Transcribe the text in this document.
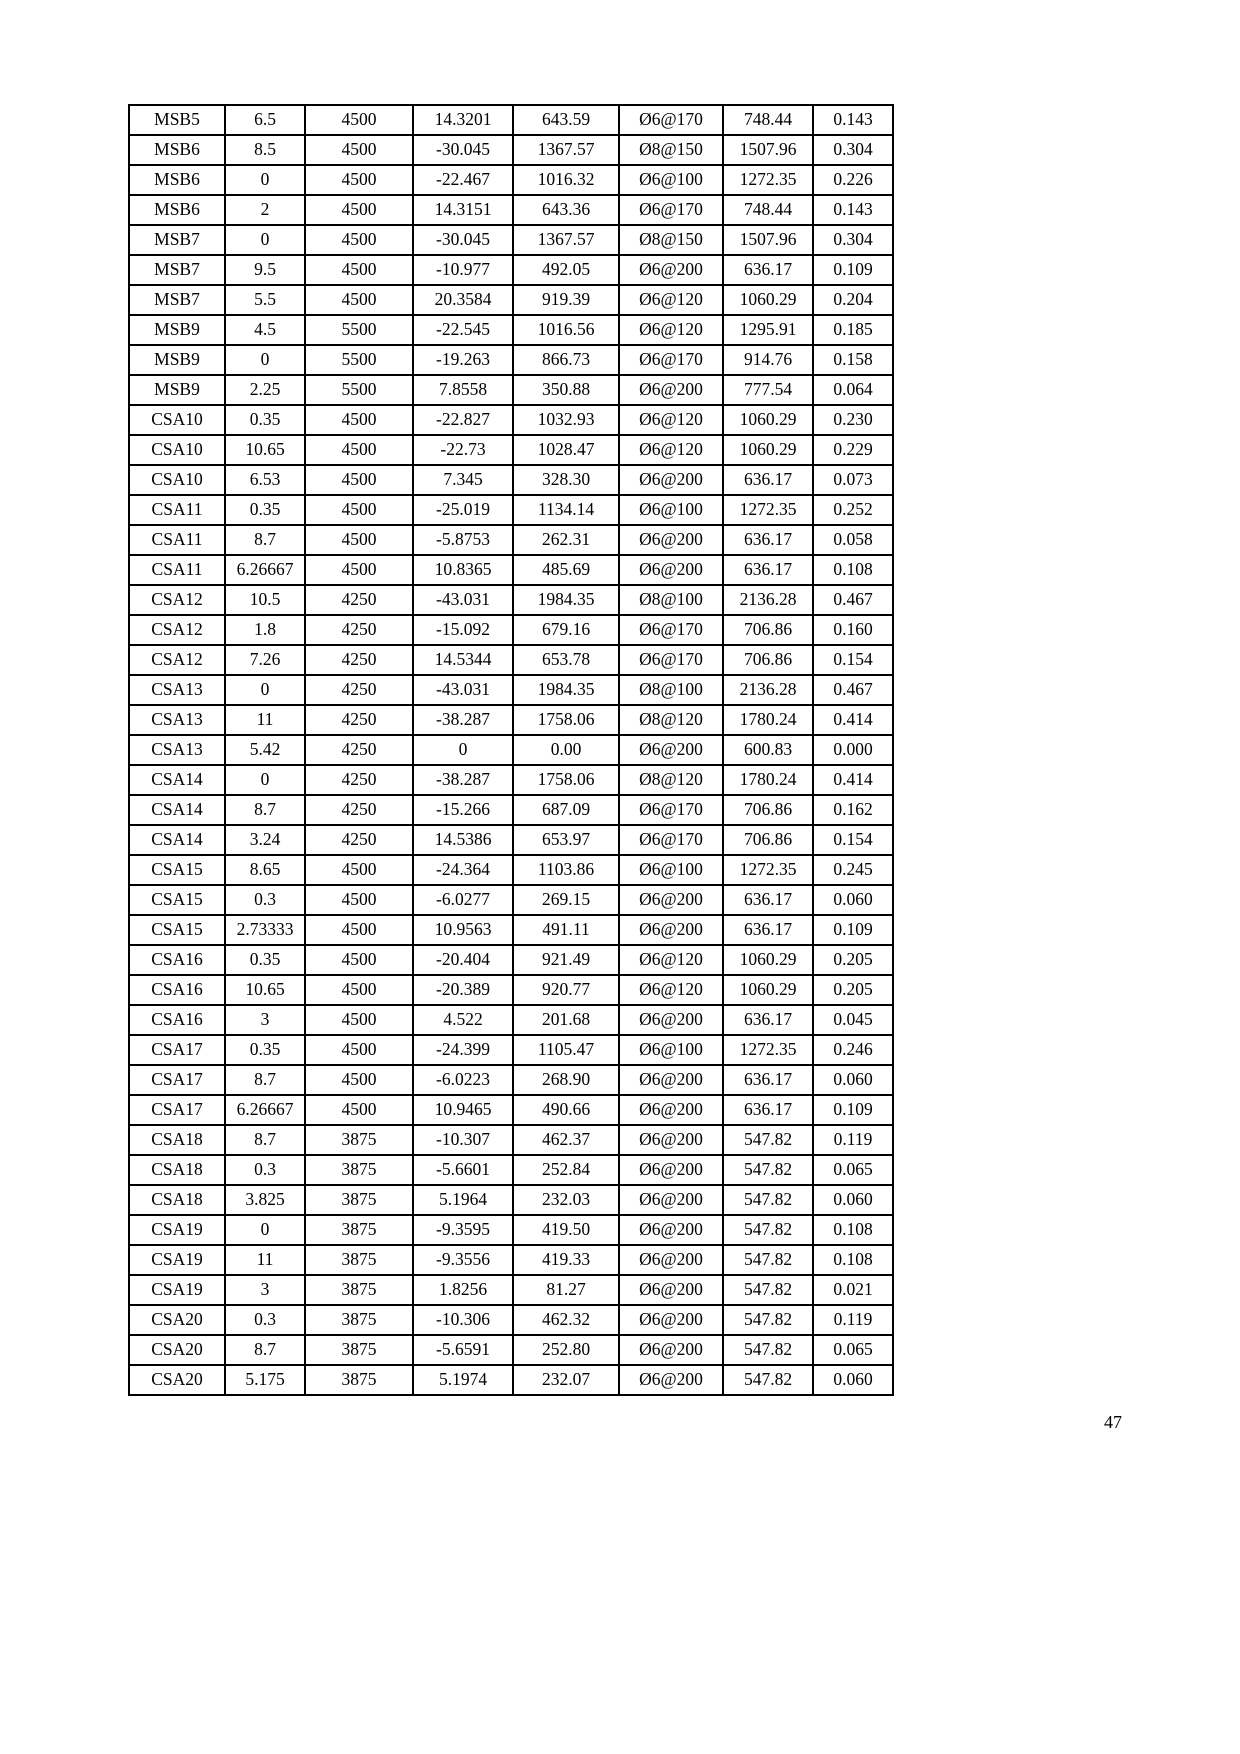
MSB5	6.5	4500	14.3201	643.59	Ø6@170	748.44	0.143
MSB6	8.5	4500	-30.045	1367.57	Ø8@150	1507.96	0.304
MSB6	0	4500	-22.467	1016.32	Ø6@100	1272.35	0.226
MSB6	2	4500	14.3151	643.36	Ø6@170	748.44	0.143
MSB7	0	4500	-30.045	1367.57	Ø8@150	1507.96	0.304
MSB7	9.5	4500	-10.977	492.05	Ø6@200	636.17	0.109
MSB7	5.5	4500	20.3584	919.39	Ø6@120	1060.29	0.204
MSB9	4.5	5500	-22.545	1016.56	Ø6@120	1295.91	0.185
MSB9	0	5500	-19.263	866.73	Ø6@170	914.76	0.158
MSB9	2.25	5500	7.8558	350.88	Ø6@200	777.54	0.064
CSA10	0.35	4500	-22.827	1032.93	Ø6@120	1060.29	0.230
CSA10	10.65	4500	-22.73	1028.47	Ø6@120	1060.29	0.229
CSA10	6.53	4500	7.345	328.30	Ø6@200	636.17	0.073
CSA11	0.35	4500	-25.019	1134.14	Ø6@100	1272.35	0.252
CSA11	8.7	4500	-5.8753	262.31	Ø6@200	636.17	0.058
CSA11	6.26667	4500	10.8365	485.69	Ø6@200	636.17	0.108
CSA12	10.5	4250	-43.031	1984.35	Ø8@100	2136.28	0.467
CSA12	1.8	4250	-15.092	679.16	Ø6@170	706.86	0.160
CSA12	7.26	4250	14.5344	653.78	Ø6@170	706.86	0.154
CSA13	0	4250	-43.031	1984.35	Ø8@100	2136.28	0.467
CSA13	11	4250	-38.287	1758.06	Ø8@120	1780.24	0.414
CSA13	5.42	4250	0	0.00	Ø6@200	600.83	0.000
CSA14	0	4250	-38.287	1758.06	Ø8@120	1780.24	0.414
CSA14	8.7	4250	-15.266	687.09	Ø6@170	706.86	0.162
CSA14	3.24	4250	14.5386	653.97	Ø6@170	706.86	0.154
CSA15	8.65	4500	-24.364	1103.86	Ø6@100	1272.35	0.245
CSA15	0.3	4500	-6.0277	269.15	Ø6@200	636.17	0.060
CSA15	2.73333	4500	10.9563	491.11	Ø6@200	636.17	0.109
CSA16	0.35	4500	-20.404	921.49	Ø6@120	1060.29	0.205
CSA16	10.65	4500	-20.389	920.77	Ø6@120	1060.29	0.205
CSA16	3	4500	4.522	201.68	Ø6@200	636.17	0.045
CSA17	0.35	4500	-24.399	1105.47	Ø6@100	1272.35	0.246
CSA17	8.7	4500	-6.0223	268.90	Ø6@200	636.17	0.060
CSA17	6.26667	4500	10.9465	490.66	Ø6@200	636.17	0.109
CSA18	8.7	3875	-10.307	462.37	Ø6@200	547.82	0.119
CSA18	0.3	3875	-5.6601	252.84	Ø6@200	547.82	0.065
CSA18	3.825	3875	5.1964	232.03	Ø6@200	547.82	0.060
CSA19	0	3875	-9.3595	419.50	Ø6@200	547.82	0.108
CSA19	11	3875	-9.3556	419.33	Ø6@200	547.82	0.108
CSA19	3	3875	1.8256	81.27	Ø6@200	547.82	0.021
CSA20	0.3	3875	-10.306	462.32	Ø6@200	547.82	0.119
CSA20	8.7	3875	-5.6591	252.80	Ø6@200	547.82	0.065
CSA20	5.175	3875	5.1974	232.07	Ø6@200	547.82	0.060
47
